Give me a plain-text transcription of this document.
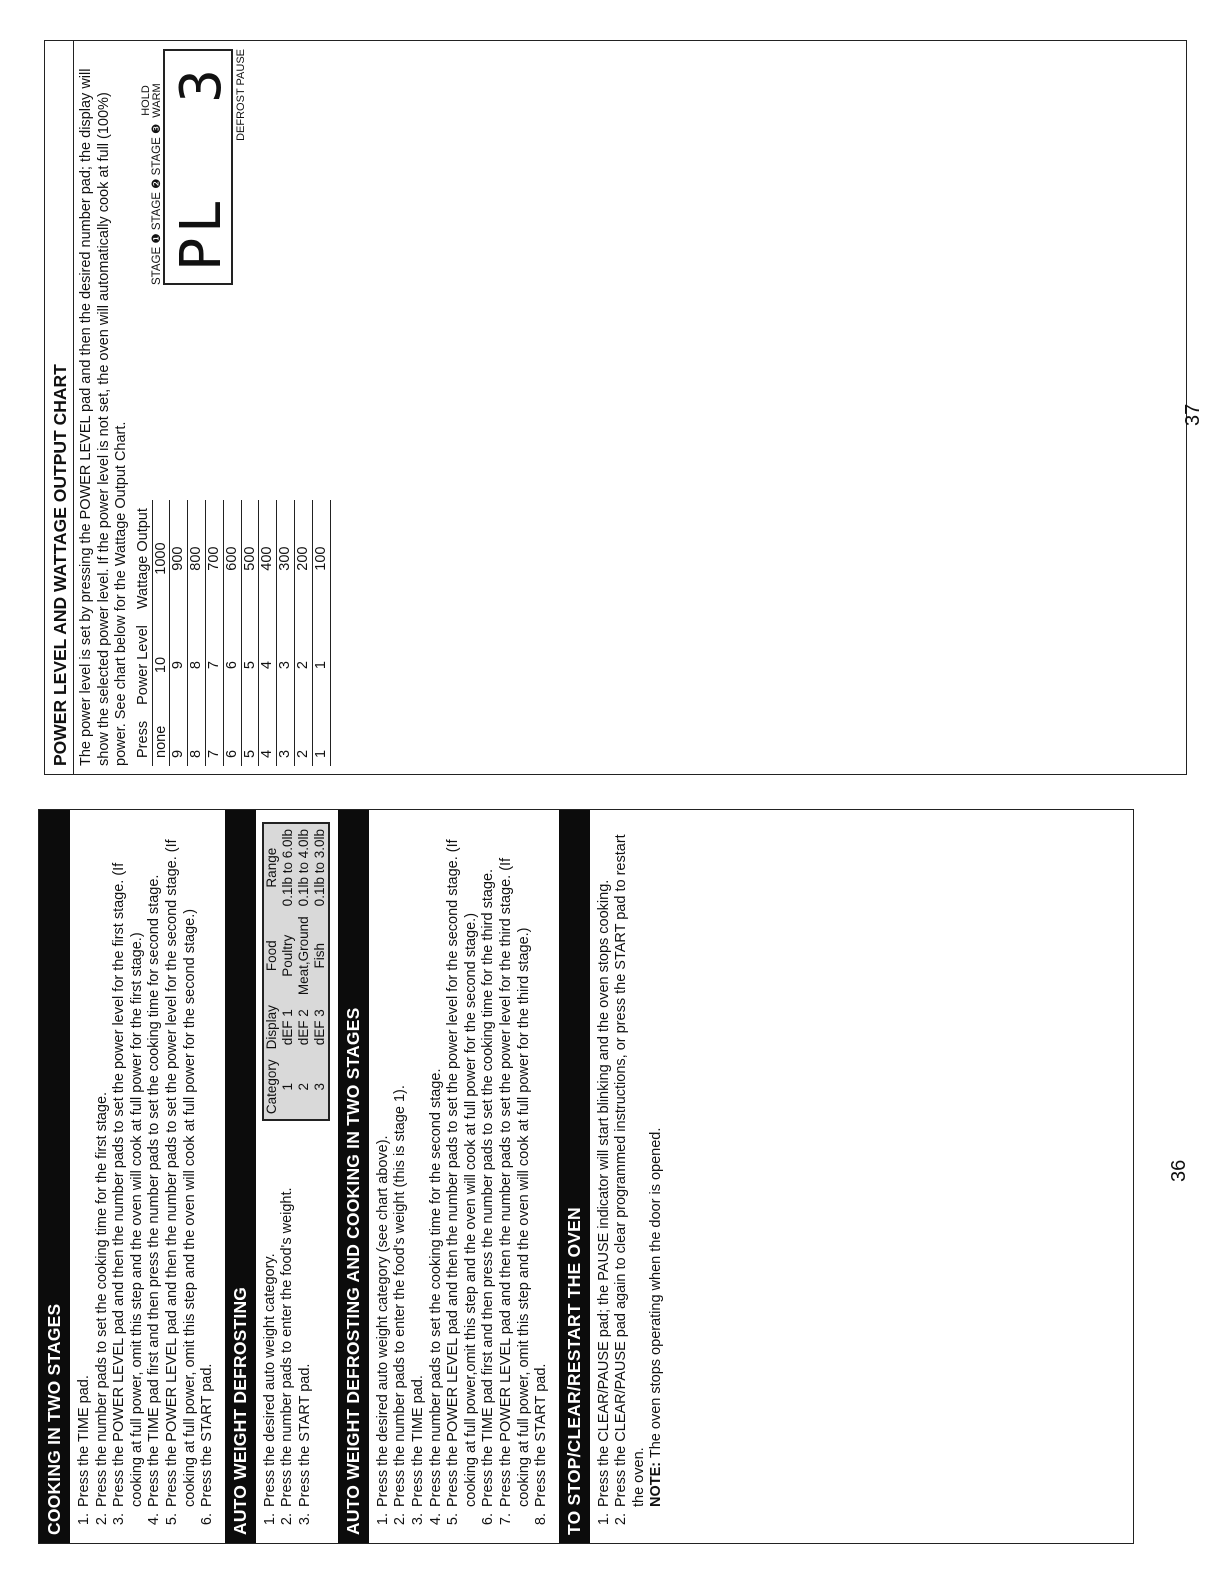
COOKING IN TWO STAGES 1. Press the TIME pad. 2. Press the number pads to set the cooking time for the first stage. 3. Press the POWER LEVEL pad and then the number pads to set the power level for the first stage. (If cooking at full power, omit this step and the oven will cook at full power for the first stage.) 4. Press the TIME pad first and then press the number pads to set the cooking time for second stage. 5. Press the POWER LEVEL pad and then the number pads to set the power level for the second stage. (If cooking at full power, omit this step and the oven will cook at full power for the second stage.) 6. Press the START pad. AUTO WEIGHT DEFROSTING 1. Press the desired auto weight category. 2. Press the number pads to enter the food's weight. 3. Press the START pad.
Category	Display	Food	Range
1	dEF 1	Poultry	0.1lb to 6.0lb
2	dEF 2	Meat,Ground	0.1lb to 4.0lb
3	dEF 3	Fish	0.1lb to 3.0lb
AUTO WEIGHT DEFROSTING AND COOKING IN TWO STAGES 1. Press the desired auto weight category (see chart above). 2. Press the number pads to enter the food's weight (this is stage 1). 3. Press the TIME pad. 4. Press the number pads to set the cooking time for the second stage. 5. Press the POWER LEVEL pad and then the number pads to set the power level for the second stage. (If cooking at full power,omit this step and the oven will cook at full power for the second stage.) 6. Press the TIME pad first and then press the number pads to set the cooking time for the third stage. 7. Press the POWER LEVEL pad and then the number pads to set the power level for the third stage. (If cooking at full power, omit this step and the oven will cook at full power for the third stage.) 8. Press the START pad. TO STOP/CLEAR/RESTART THE OVEN 1. Press the CLEAR/PAUSE pad; the PAUSE indicator will start blinking and the oven stops cooking. 2. Press the CLEAR/PAUSE pad again to clear programmed instructions, or press the START pad to restart the oven. NOTE: The oven stops operating when the door is opened.	36
POWER LEVEL AND WATTAGE OUTPUT CHART The power level is set by pressing the POWER LEVEL pad and then the desired number pad; the display will show the selected power level. If the power level is not set, the oven will automatically cook at full (100%) power. See chart below for the Wattage Output Chart. Press	Power Level	Wattage Output
none	10	1000
9	9	900
8	8	800
7	7	700
6	6	600
5	5	500
4	4	400
3	3	300
2	2	200
1	1	100
STAGE ❶ STAGE ❷ STAGE ❸
HOLD
WARM
PL
3 DEFROST PAUSE
37
